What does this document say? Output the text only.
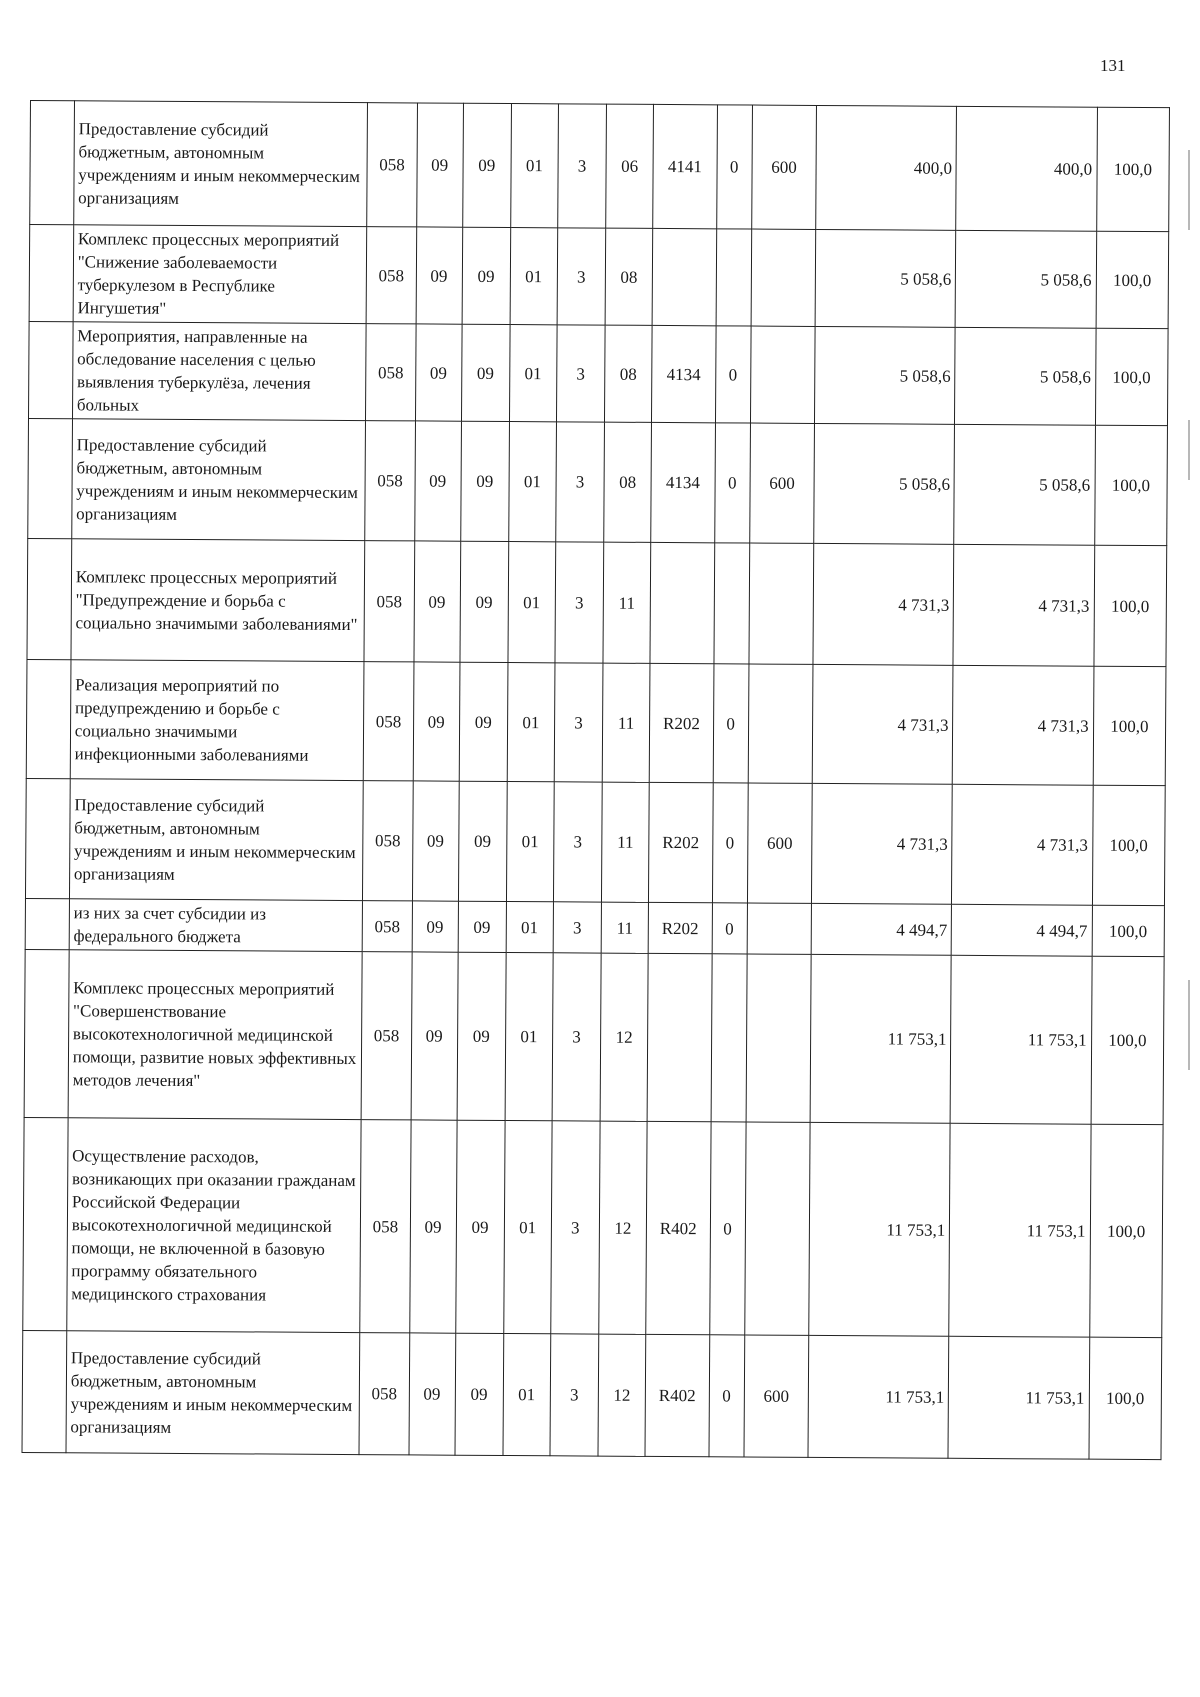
131
	Предоставление субсидий бюджетным, автономным учреждениям и иным некоммерческим организациям	058	09	09	01	3	06	4141	0	600	400,0	400,0	100,0
	Комплекс процессных мероприятий "Снижение заболеваемости туберкулезом в Республике Ингушетия"	058	09	09	01	3	08				5 058,6	5 058,6	100,0
	Мероприятия, направленные на обследование населения с целью выявления туберкулёза, лечения больных	058	09	09	01	3	08	4134	0		5 058,6	5 058,6	100,0
	Предоставление субсидий бюджетным, автономным учреждениям и иным некоммерческим организациям	058	09	09	01	3	08	4134	0	600	5 058,6	5 058,6	100,0
	Комплекс процессных мероприятий "Предупреждение и борьба с социально значимыми заболеваниями"	058	09	09	01	3	11				4 731,3	4 731,3	100,0
	Реализация мероприятий по предупреждению и борьбе с социально значимыми инфекционными заболеваниями	058	09	09	01	3	11	R202	0		4 731,3	4 731,3	100,0
	Предоставление субсидий бюджетным, автономным учреждениям и иным некоммерческим организациям	058	09	09	01	3	11	R202	0	600	4 731,3	4 731,3	100,0
	из них за счет субсидии из федерального бюджета	058	09	09	01	3	11	R202	0		4 494,7	4 494,7	100,0
	Комплекс процессных мероприятий "Совершенствование высокотехнологичной медицинской помощи, развитие новых эффективных методов лечения"	058	09	09	01	3	12				11 753,1	11 753,1	100,0
	Осуществление расходов, возникающих при оказании гражданам Российской Федерации высокотехнологичной медицинской помощи, не включенной в базовую программу обязательного медицинского страхования	058	09	09	01	3	12	R402	0		11 753,1	11 753,1	100,0
	Предоставление субсидий бюджетным, автономным учреждениям и иным некоммерческим организациям	058	09	09	01	3	12	R402	0	600	11 753,1	11 753,1	100,0
